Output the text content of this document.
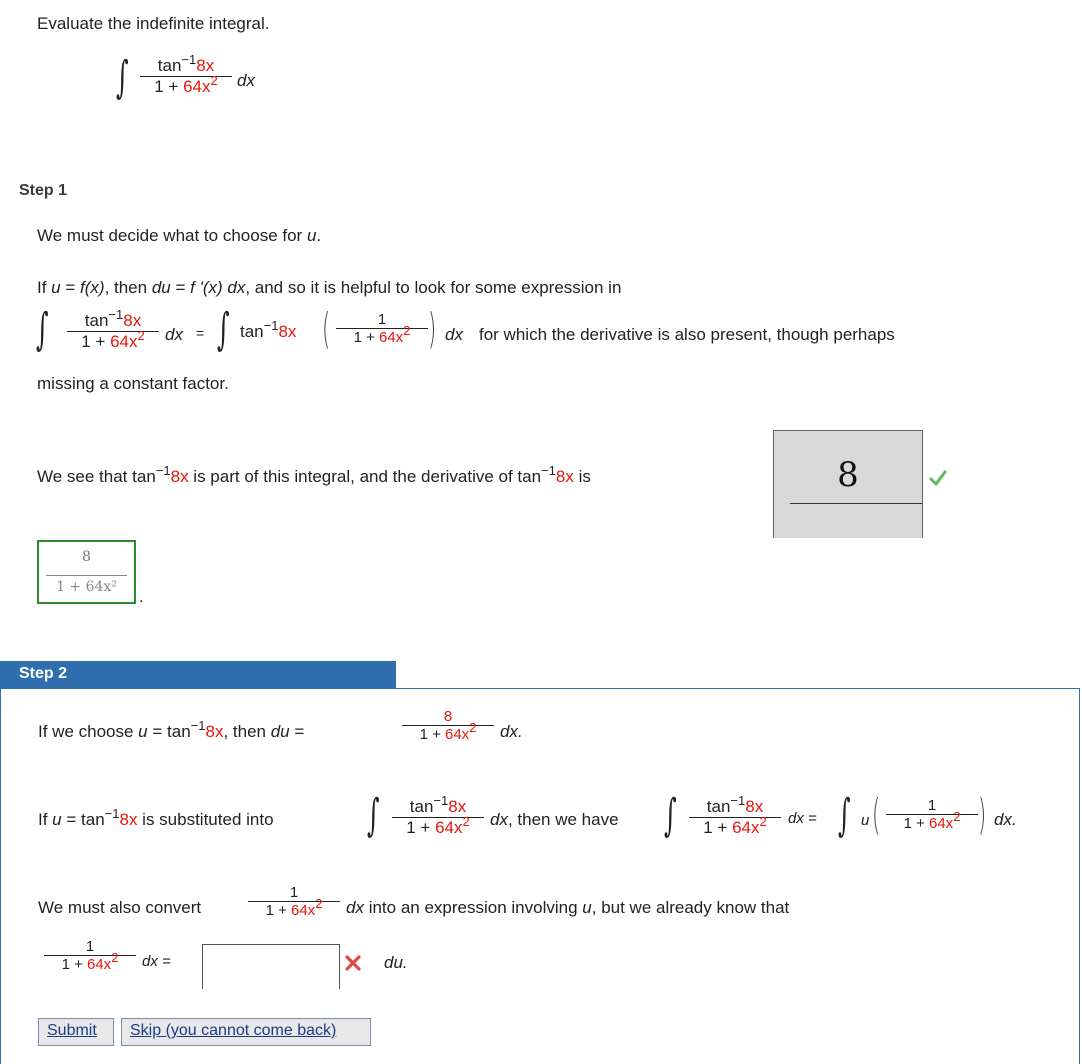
Evaluate the indefinite integral.
∫	$\tan^{-1}8x$
$1 + 64x^2$	dx
Step 1
We must decide what to choose for u.
If u = f(x), then du = f '(x) dx, and so it is helpful to look for some expression in
∫	$\tan^{-1}8x$
$1 + 64x^2$	dx = ∫ $\tan^{-1}8x$ (	1
$1 + 64x^2$ ) dx for which the derivative is also present, though perhaps
missing a constant factor.
We see that $\tan^{-1}8x$ is part of this integral, and the derivative of $\tan^{-1}8x$ is	8
8
1 + 64x²	.
Step 2
If we choose $u = \tan^{-1}8x$, then du =
8
$1 + 64x^2$	dx.
If $u = \tan^{-1}8x$ is substituted into ∫	$\tan^{-1}8x$
$1 + 64x^2$	dx, then we have ∫	$\tan^{-1}8x$
$1 + 64x^2$	dx = ∫ u (	1
$1 + 64x^2$ ) dx.
We must also convert
1
$1 + 64x^2$	dx into an expression involving u, but we already know that
1
$1 + 64x^2$	dx =	du.
Submit	Skip (you cannot come back)
